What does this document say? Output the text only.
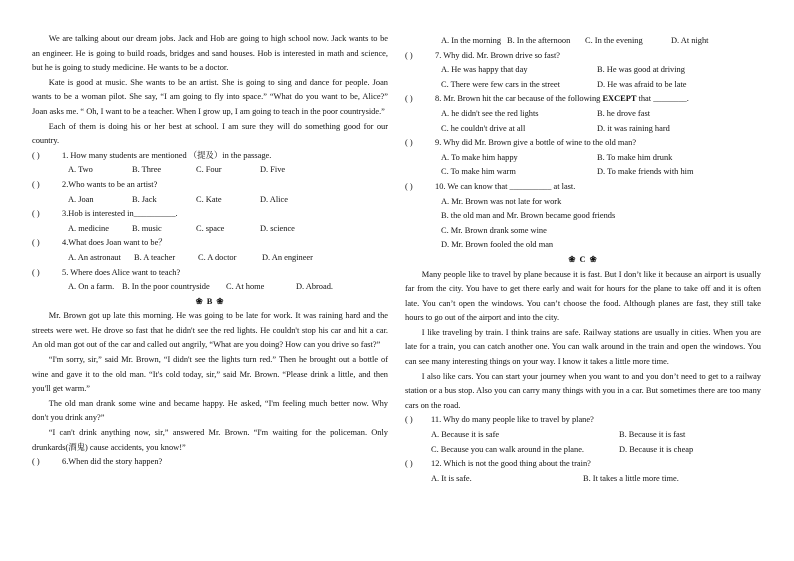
We are talking about our dream jobs. Jack and Hob are going to high school now. Jack wants to be an engineer. He is going to build roads, bridges and sand houses. Hob is interested in math and science, but he is going to study medicine. He wants to be a doctor.

Kate is good at music. She wants to be an artist. She is going to sing and dance for people. Joan wants to be a woman pilot. She say, “I am going to fly into space.” “What do you want to be, Alice?” Joan asks me. “ Oh, I want to be a teacher. When I grow up, I am going to teach in the poor countryside.”

Each of them is doing his or her best at school. I am sure they will do something good for our country.

( )	1. How many students are mentioned （提及）in the passage.
A. Two	B. Three	C. Four	D. Five
( )	2.Who wants to be an artist?
A. Joan	B. Jack	C. Kate	D. Alice
( )	3.Hob is interested in__________.
A. medicine	B. music	C. space	D. science
( )	4.What does Joan want to be？
A. An astronaut	B. A teacher	C. A doctor	D. An engineer
( )	5. Where does Alice want to teach?
A. On a farm. B. In the poor countryside	C. At home	D. Abroad.

❀ B ❀

Mr. Brown got up late this morning. He was going to be late for work. It was raining hard and the streets were wet. He drove so fast that he didn't see the red lights. He couldn't stop his car and hit a car. An old man got out of the car and called out angrily, “What are you doing? How can you drive so fast?”

“I'm sorry, sir,” said Mr. Brown, “I didn't see the lights turn red.” Then he brought out a bottle of wine and gave it to the old man. “It's cold today, sir,” said Mr. Brown. “Please drink a little, and then you'll get warm.”

The old man drank some wine and became happy. He asked, “I'm feeling much better now. Why don't you drink any?”

“I can't drink anything now, sir,” answered Mr. Brown. “I'm waiting for the policeman. Only drunkards(酒鬼) cause accidents, you know!”

( )	6.When did the story happen?
A. In the morning B. In the afternoon	C. In the evening	D. At night
( )	7. Why did. Mr. Brown drive so fast?
A. He was happy that day	B. He was good at driving
C. There were few cars in the street	D. He was afraid to be late
( )	8. Mr. Brown hit the car because of the following EXCEPT that ________.
A. he didn't see the red lights	B. he drove fast
C. he couldn't drive at all	D. it was raining hard
( )	9. Why did Mr. Brown give a bottle of wine to the old man?
A. To make him happy	B. To make him drunk
C. To make him warm	D. To make friends with him
( )	10. We can know that __________ at last.
A. Mr. Brown was not late for work
B. the old man and Mr. Brown became good friends
C. Mr. Brown drank some wine
D. Mr. Brown fooled the old man

❀ C ❀

Many people like to travel by plane because it is fast. But I don’t like it because an airport is usually far from the city. You have to get there early and wait for hours for the plane to take off and it is often late. You can’t open the windows. You can’t choose the food. Although planes are fast, they still take hours to go out of the airport and into the city.

I like traveling by train. I think trains are safe. Railway stations are usually in cities. When you are late for a train, you can catch another one. You can walk around in the train and open the windows. You can see many interesting things on your way. I know it takes a little more time.

I also like cars. You can start your journey when you want to and you don’t need to get to a railway station or a bus stop. Also you can carry many things with you in a car. But sometimes there are too many cars on the road.

( )	11. Why do many people like to travel by plane?
A. Because it is safe	B. Because it is fast
C. Because you can walk around in the plane.	D. Because it is cheap
( )	12. Which is not the good thing about the train?
A. It is safe.	B. It takes a little more time.
